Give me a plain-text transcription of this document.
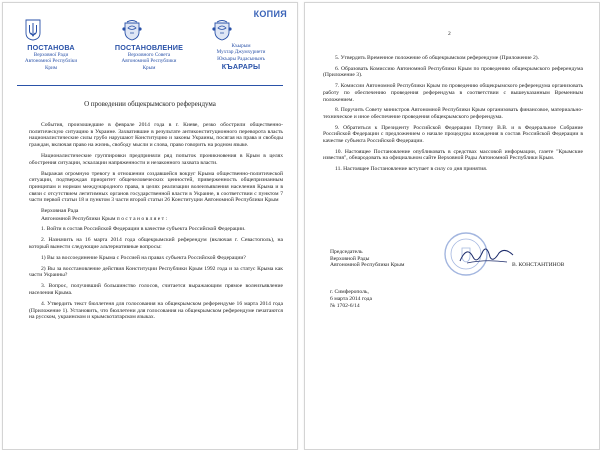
КОПИЯ
ПОСТАНОВА
Верховної Ради
Автономної Республіки
Крим
ПОСТАНОВЛЕНИЕ
Верховного Совета
Автономной Республики
Крым
Къырым
Мухтар Джумхуриети
Юкъары Радасынынъ
КЪАРАРЫ
О проведении общекрымского референдума

События, произошедшие в феврале 2014 года в г. Киеве, резко обострили общественно-политическую ситуацию в Украине. Захватившие в результате антиконституционного переворота власть националистические силы грубо нарушают Конституцию и законы Украины, посягая на права и свободы граждан, включая право на жизнь, свободу мысли и слова, право говорить на родном языке.

Националистические группировки предприняли ряд попыток проникновения в Крым в целях обострения ситуации, эскалации напряженности и незаконного захвата власти.

Выражая огромную тревогу в отношении создавшейся вокруг Крыма общественно-политической ситуации, подтверждая приоритет общечеловеческих ценностей, приверженность общепризнанным принципам и нормам международного права, в целях реализации волеизъявления населения Крыма и в связи с отсутствием легитимных органов государственной власти в Украине, в соответствии с пунктом 7 части первой статьи 18 и пунктом 3 части второй статьи 26 Конституции Автономной Республики Крым

Верховная Рада

Автономной Республики Крым п о с т а н о в л я е т :

1. Войти в состав Российской Федерации в качестве субъекта Российской Федерации.

2. Назначить на 16 марта 2014 года общекрымский референдум (включая г. Севастополь), на который вынести следующие альтернативные вопросы:

1) Вы за воссоединение Крыма с Россией на правах субъекта Российской Федерации?

2) Вы за восстановление действия Конституции Республики Крым 1992 года и за статус Крыма как части Украины?

3. Вопрос, получивший большинство голосов, считается выражающим прямое волеизъявление населения Крыма.

4. Утвердить текст бюллетеня для голосования на общекрымском референдуме 16 марта 2014 года (Приложение 1). Установить, что бюллетени для голосования на общекрымском референдуме печатаются на русском, украинском и крымскотатарском языках.

2

5. Утвердить Временное положение об общекрымском референдуме (Приложение 2).

6. Образовать Комиссию Автономной Республики Крым по проведению общекрымского референдума (Приложение 3).

7. Комиссии Автономной Республики Крым по проведению общекрымского референдума организовать работу по обеспечению проведения референдума в соответствии с вышеуказанным Временным положением.

8. Поручить Совету министров Автономной Республики Крым организовать финансовое, материально-техническое и иное обеспечение проведения общекрымского референдума.

9. Обратиться к Президенту Российской Федерации Путину В.В. и в Федеральное Собрание Российской Федерации с предложением о начале процедуры вхождения в состав Российской Федерации в качестве субъекта Российской Федерации.

10. Настоящее Постановление опубликовать в средствах массовой информации, газете "Крымские известия", обнародовать на официальном сайте Верховной Рады Автономной Республики Крым.

11. Настоящее Постановление вступает в силу со дня принятия.

Председатель
Верховной Рады
Автономной Республики Крым	В. КОНСТАНТИНОВ
г. Симферополь,
6 марта 2014 года
№ 1702-6/14
